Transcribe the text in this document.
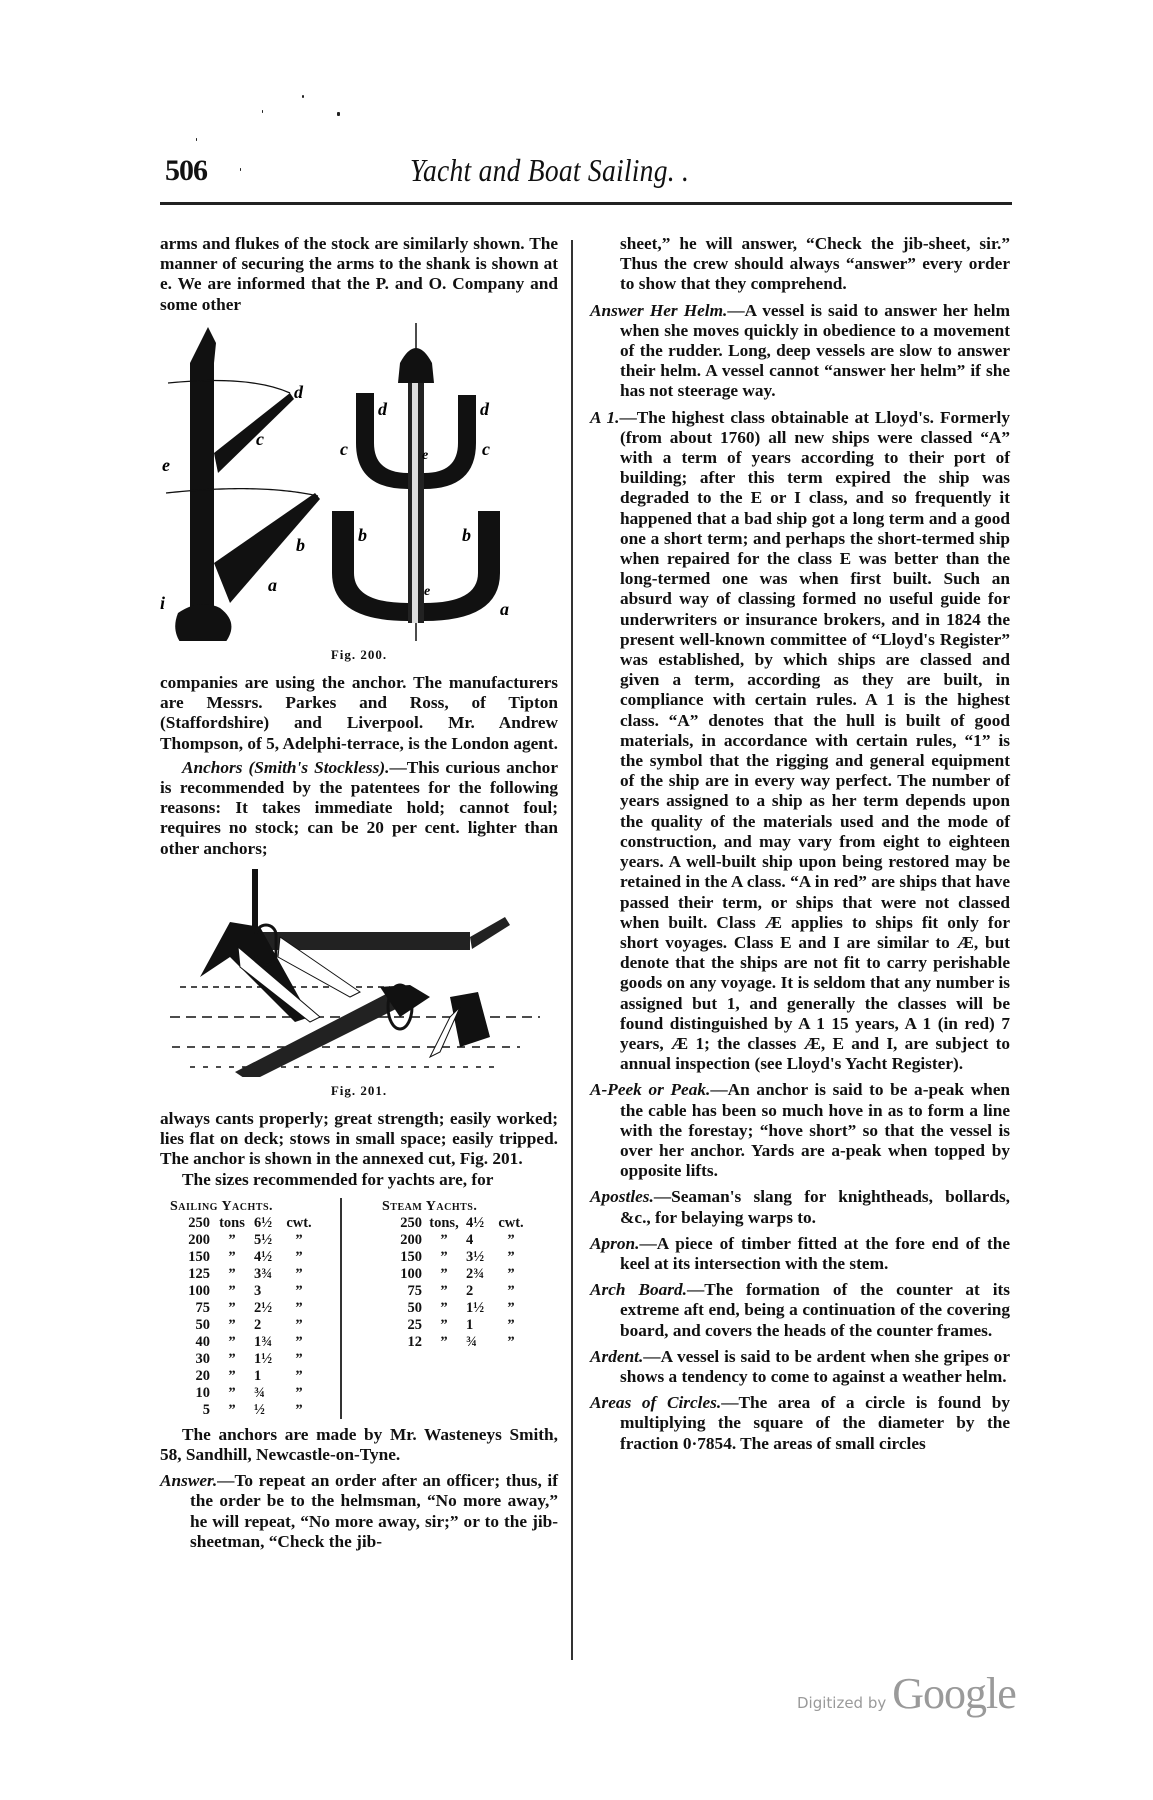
506	Yacht and Boat Sailing. .

arms and flukes of the stock are similarly shown. The manner of securing the arms to the shank is shown at e. We are informed that the P. and O. Company and some other

d
c
e
b
a
i
d	d
c	c
e
b	b
e
a
Fig. 200.

companies are using the anchor. The manufacturers are Messrs. Parkes and Ross, of Tipton (Staffordshire) and Liverpool. Mr. Andrew Thompson, of 5, Adelphi-terrace, is the London agent.

Anchors (Smith's Stockless).—This curious anchor is recommended by the patentees for the following reasons: It takes immediate hold; cannot foul; requires no stock; can be 20 per cent. lighter than other anchors;

Fig. 201.

always cants properly; great strength; easily worked; lies flat on deck; stows in small space; easily tripped. The anchor is shown in the annexed cut, Fig. 201.

The sizes recommended for yachts are, for

Sailing Yachts.
250 tons 6½ cwt.
200	”	5½	”
150	”	4½	”
125	”	3¾	”
100	”	3	”
75	”	2½	”
50	”	2	”
40	”	1¾	”
30	”	1½	”
20	”	1	”
10	”	¾	”
5	”	½	”
Steam Yachts.
250 tons, 4½ cwt.
200	”	4	”
150	”	3½	”
100	”	2¾	”
75	”	2	”
50	”	1½	”
25	”	1	”
12	”	¾	”

The anchors are made by Mr. Wasteneys Smith, 58, Sandhill, Newcastle-on-Tyne.

Answer.—To repeat an order after an officer; thus, if the order be to the helmsman, “No more away,” he will repeat, “No more away, sir;” or to the jib-sheetman, “Check the jib-

sheet,” he will answer, “Check the jib-sheet, sir.” Thus the crew should always “answer” every order to show that they comprehend.

Answer Her Helm.—A vessel is said to answer her helm when she moves quickly in obedience to a movement of the rudder. Long, deep vessels are slow to answer their helm. A vessel cannot “answer her helm” if she has not steerage way.

A 1.—The highest class obtainable at Lloyd's. Formerly (from about 1760) all new ships were classed “A” with a term of years according to their port of building; after this term expired the ship was degraded to the E or I class, and so frequently it happened that a bad ship got a long term and a good one a short term; and perhaps the short-termed ship when repaired for the class E was better than the long-termed one was when first built. Such an absurd way of classing formed no useful guide for underwriters or insurance brokers, and in 1824 the present well-known committee of “Lloyd's Register” was established, by which ships are classed and given a term, according as they are built, in compliance with certain rules. A 1 is the highest class. “A” denotes that the hull is built of good materials, in accordance with certain rules, “1” is the symbol that the rigging and general equipment of the ship are in every way perfect. The number of years assigned to a ship as her term depends upon the quality of the materials used and the mode of construction, and may vary from eight to eighteen years. A well-built ship upon being restored may be retained in the A class. “A in red” are ships that have passed their term, or ships that were not classed when built. Class Æ applies to ships fit only for short voyages. Class E and I are similar to Æ, but denote that the ships are not fit to carry perishable goods on any voyage. It is seldom that any number is assigned but 1, and generally the classes will be found distinguished by A 1 15 years, A 1 (in red) 7 years, Æ 1; the classes Æ, E and I, are subject to annual inspection (see Lloyd's Yacht Register).

A-Peek or Peak.—An anchor is said to be a-peak when the cable has been so much hove in as to form a line with the forestay; “hove short” so that the vessel is over her anchor. Yards are a-peak when topped by opposite lifts.

Apostles.—Seaman's slang for knightheads, bollards, &c., for belaying warps to.

Apron.—A piece of timber fitted at the fore end of the keel at its intersection with the stem.

Arch Board.—The formation of the counter at its extreme aft end, being a continuation of the covering board, and covers the heads of the counter frames.

Ardent.—A vessel is said to be ardent when she gripes or shows a tendency to come to against a weather helm.

Areas of Circles.—The area of a circle is found by multiplying the square of the diameter by the fraction 0·7854. The areas of small circles

Digitized by Google
